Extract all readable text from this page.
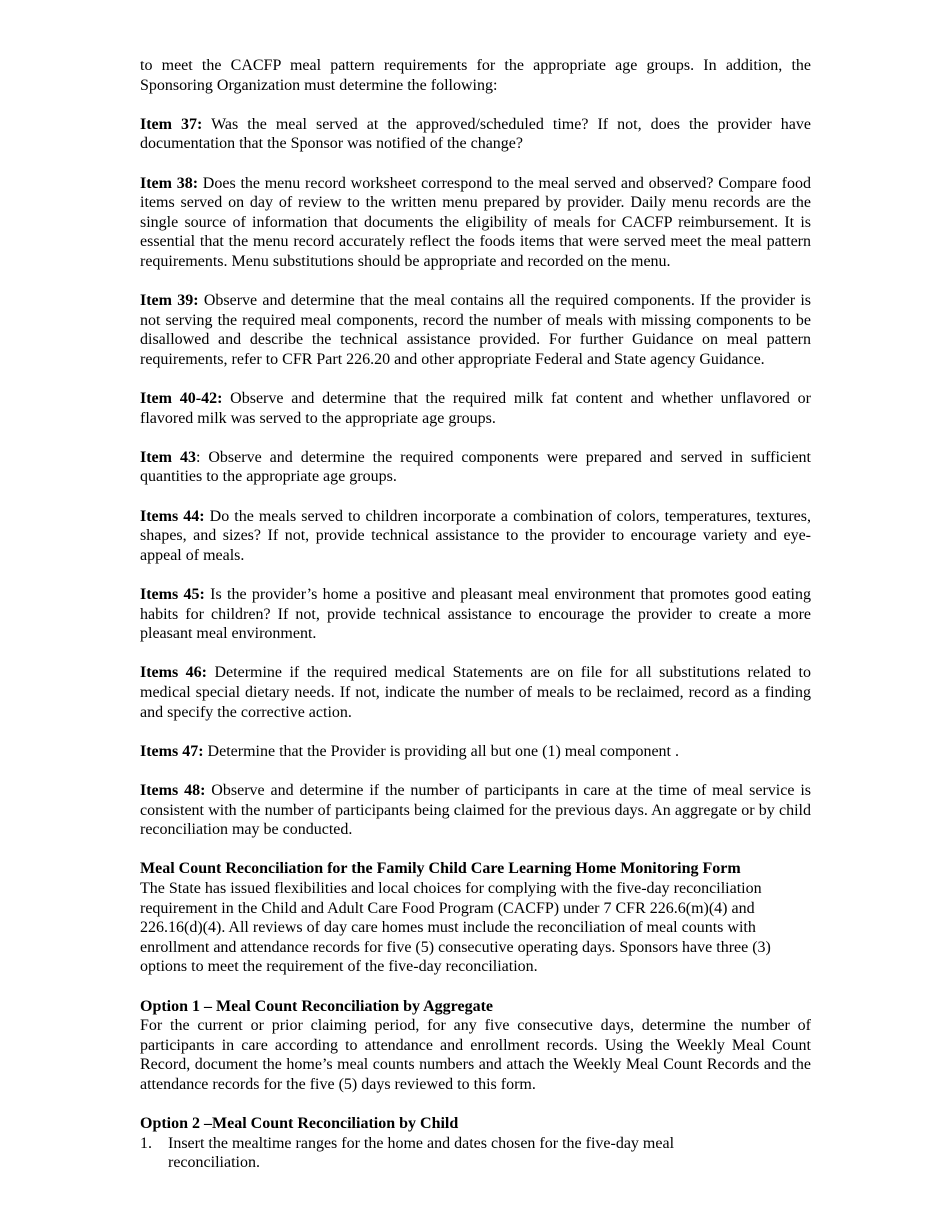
to meet the CACFP meal pattern requirements for the appropriate age groups. In addition, the Sponsoring Organization must determine the following:

Item 37: Was the meal served at the approved/scheduled time? If not, does the provider have documentation that the Sponsor was notified of the change?

Item 38: Does the menu record worksheet correspond to the meal served and observed? Compare food items served on day of review to the written menu prepared by provider. Daily menu records are the single source of information that documents the eligibility of meals for CACFP reimbursement. It is essential that the menu record accurately reflect the foods items that were served meet the meal pattern requirements. Menu substitutions should be appropriate and recorded on the menu.

Item 39: Observe and determine that the meal contains all the required components. If the provider is not serving the required meal components, record the number of meals with missing components to be disallowed and describe the technical assistance provided. For further Guidance on meal pattern requirements, refer to CFR Part 226.20 and other appropriate Federal and State agency Guidance.

Item 40-42: Observe and determine that the required milk fat content and whether unflavored or flavored milk was served to the appropriate age groups.

Item 43: Observe and determine the required components were prepared and served in sufficient quantities to the appropriate age groups.

Items 44: Do the meals served to children incorporate a combination of colors, temperatures, textures, shapes, and sizes? If not, provide technical assistance to the provider to encourage variety and eye-appeal of meals.

Items 45: Is the provider’s home a positive and pleasant meal environment that promotes good eating habits for children? If not, provide technical assistance to encourage the provider to create a more pleasant meal environment.

Items 46: Determine if the required medical Statements are on file for all substitutions related to medical special dietary needs. If not, indicate the number of meals to be reclaimed, record as a finding and specify the corrective action.

Items 47: Determine that the Provider is providing all but one (1) meal component .

Items 48: Observe and determine if the number of participants in care at the time of meal service is consistent with the number of participants being claimed for the previous days. An aggregate or by child reconciliation may be conducted.

Meal Count Reconciliation for the Family Child Care Learning Home Monitoring Form
The State has issued flexibilities and local choices for complying with the five-day reconciliation requirement in the Child and Adult Care Food Program (CACFP) under 7 CFR 226.6(m)(4) and 226.16(d)(4). All reviews of day care homes must include the reconciliation of meal counts with enrollment and attendance records for five (5) consecutive operating days. Sponsors have three (3) options to meet the requirement of the five-day reconciliation.

Option 1 – Meal Count Reconciliation by Aggregate
For the current or prior claiming period, for any five consecutive days, determine the number of participants in care according to attendance and enrollment records. Using the Weekly Meal Count Record, document the home’s meal counts numbers and attach the Weekly Meal Count Records and the attendance records for the five (5) days reviewed to this form.

Option 2 –Meal Count Reconciliation by Child
1. Insert the mealtime ranges for the home and dates chosen for the five-day meal reconciliation.
